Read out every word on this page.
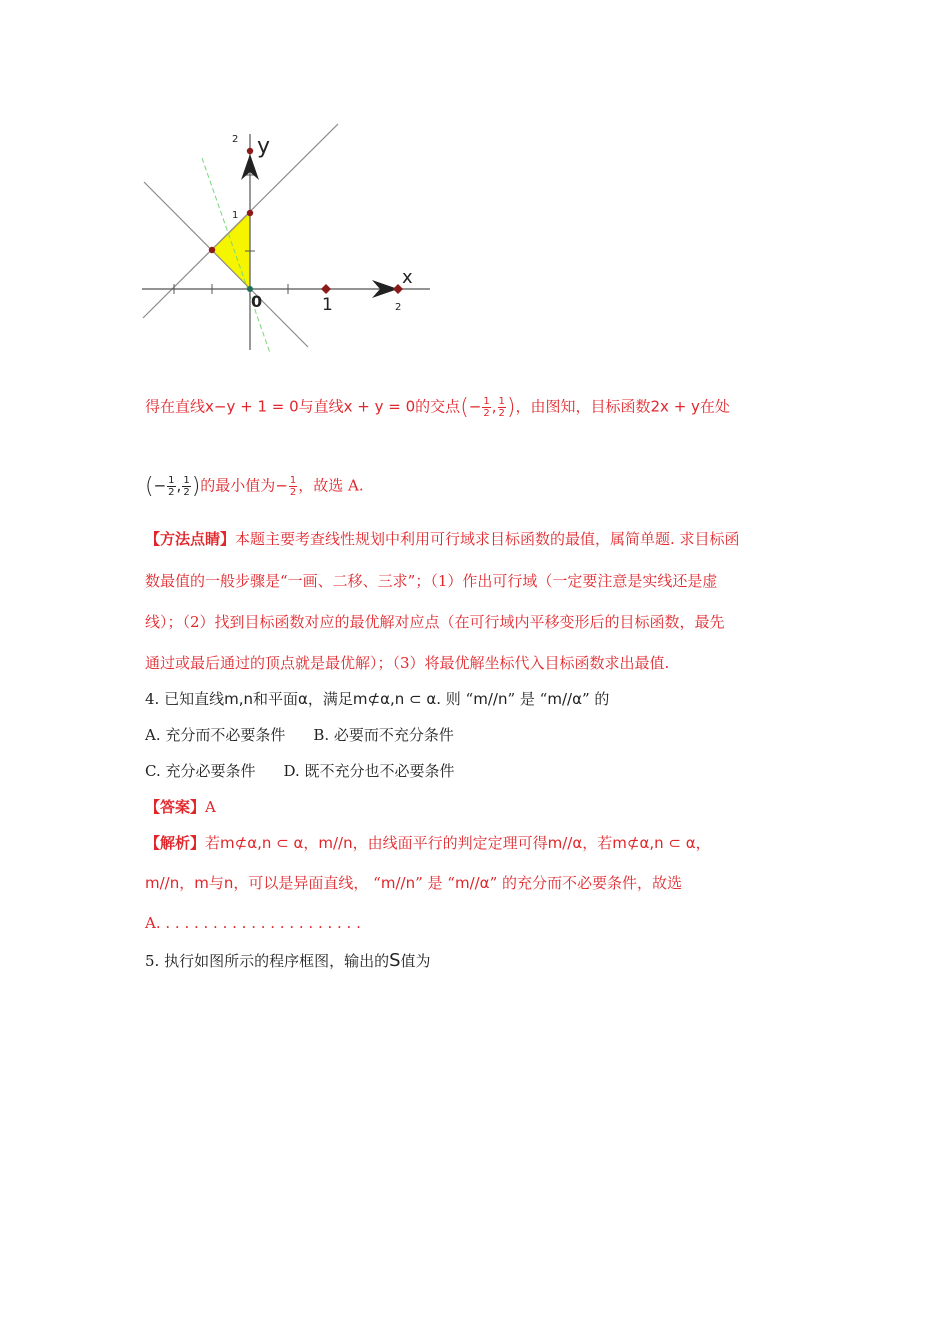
y
x
0	1	2
1
2
得在直线x−y + 1 = 0与直线x + y = 0的交点(− $\frac{1}{2}$ , $\frac{1}{2}$ )，由图知，目标函数2x + y在处
(− $\frac{1}{2}$ , $\frac{1}{2}$ )的最小值为− $\frac{1}{2}$ ，故选 A.
【方法点睛】本题主要考查线性规划中利用可行域求目标函数的最值，属简单题. 求目标函
数最值的一般步骤是“一画、二移、三求”；（1）作出可行域（一定要注意是实线还是虚
线）；（2）找到目标函数对应的最优解对应点（在可行域内平移变形后的目标函数，最先
通过或最后通过的顶点就是最优解）；（3）将最优解坐标代入目标函数求出最值.
4. 已知直线m,n和平面α，满足m⊄α,n ⊂ α. 则 “m//n” 是 “m//α” 的
A. 充分而不必要条件 B. 必要而不充分条件
C. 充分必要条件 D. 既不充分也不必要条件
【答案】A
【解析】若m⊄α,n ⊂ α，m//n，由线面平行的判定定理可得m//α，若m⊄α,n ⊂ α，
m//n，m与n，可以是异面直线， “m//n” 是 “m//α” 的充分而不必要条件，故选
A. . . . . . . . . . . . . . . . . . . . . .
5. 执行如图所示的程序框图，输出的S值为
